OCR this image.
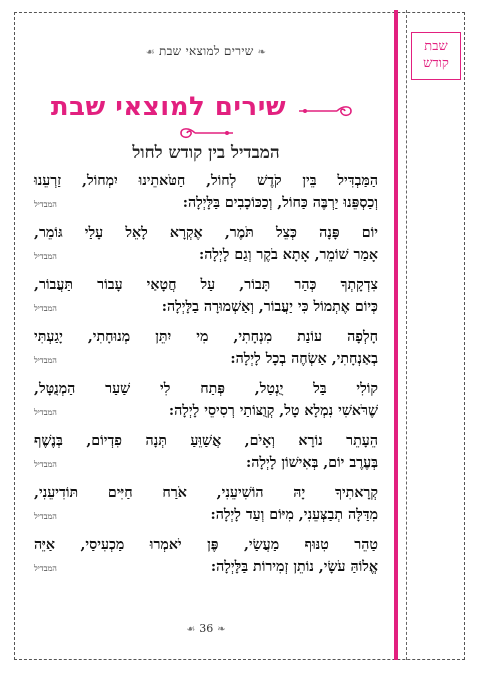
שבת
קודש
❧שירים למוצאי שבת☙
שירים למוצאי שבת
המבדיל בין קודש לחול
הַמַּבְדִּיל בֵּין קֹדֶשׁ לְחוֹל, חַטֹּאתֵינוּ יִמְחוֹל, זַרְעֵנוּ
וְכַסְפֵּנוּ יַרְבֶּה כַּחוֹל, וְכַכּוֹכָבִים בַּלָּיְלָה:
המבדיל
יוֹם פָּנָה כְּצֵל תֹּמֶר, אֶקְרָא לָאֵל עָלַי גּוֹמֵר,
אָמַר שׁוֹמֵר, אָתָא בֹקֶר וְגַם לָיְלָה:
המבדיל
צִדְקָתְךָ כְּהַר תָּבוֹר, עַל חֲטָאַי עָבוֹר תַּעֲבוֹר,
כְּיוֹם אֶתְמוֹל כִּי יַעֲבוֹר, וְאַשְׁמוּרָה בַלָּיְלָה:
המבדיל
חָלְפָה עוֹנַת מִנְחָתִי, מִי יִתֵּן מְנוּחָתִי, יָגַעְתִּי
בְאַנְחָתִי, אַשְׂחֶה בְכָל לָיְלָה:
המבדיל
קוֹלִי בַּל יֻנְטַל, פְּתַח לִי שַׁעַר הַמְנֻטָּל,
שֶׁרֹּאשִׁי נִמְלָא טָל, קְוֻצּוֹתַי רְסִיסֵי לָיְלָה:
המבדיל
הֵעָתֵר נוֹרָא וְאָיֹם, אֲשַׁוֵּעַ תְּנָה פִדְיוֹם, בְּנֶשֶׁף
בְּעֶרֶב יוֹם, בְּאִישׁוֹן לָיְלָה:
המבדיל
קְרָאתִיךָ יָהּ הוֹשִׁיעֵנִי, אֹרַח חַיִּים תּוֹדִיעֵנִי,
מִדַּלָּה תְבַצְּעֵנִי, מִיּוֹם וְעַד לָיְלָה:
המבדיל
טַהֵר טִנּוּף מַעֲשַׂי, פֶּן יֹאמְרוּ מַכְעִיסַי, אַיֵּה
אֱלוֹהַּ עֹשָׂי, נוֹתֵן זְמִירוֹת בַּלָּיְלָה:
המבדיל
❧36☙
